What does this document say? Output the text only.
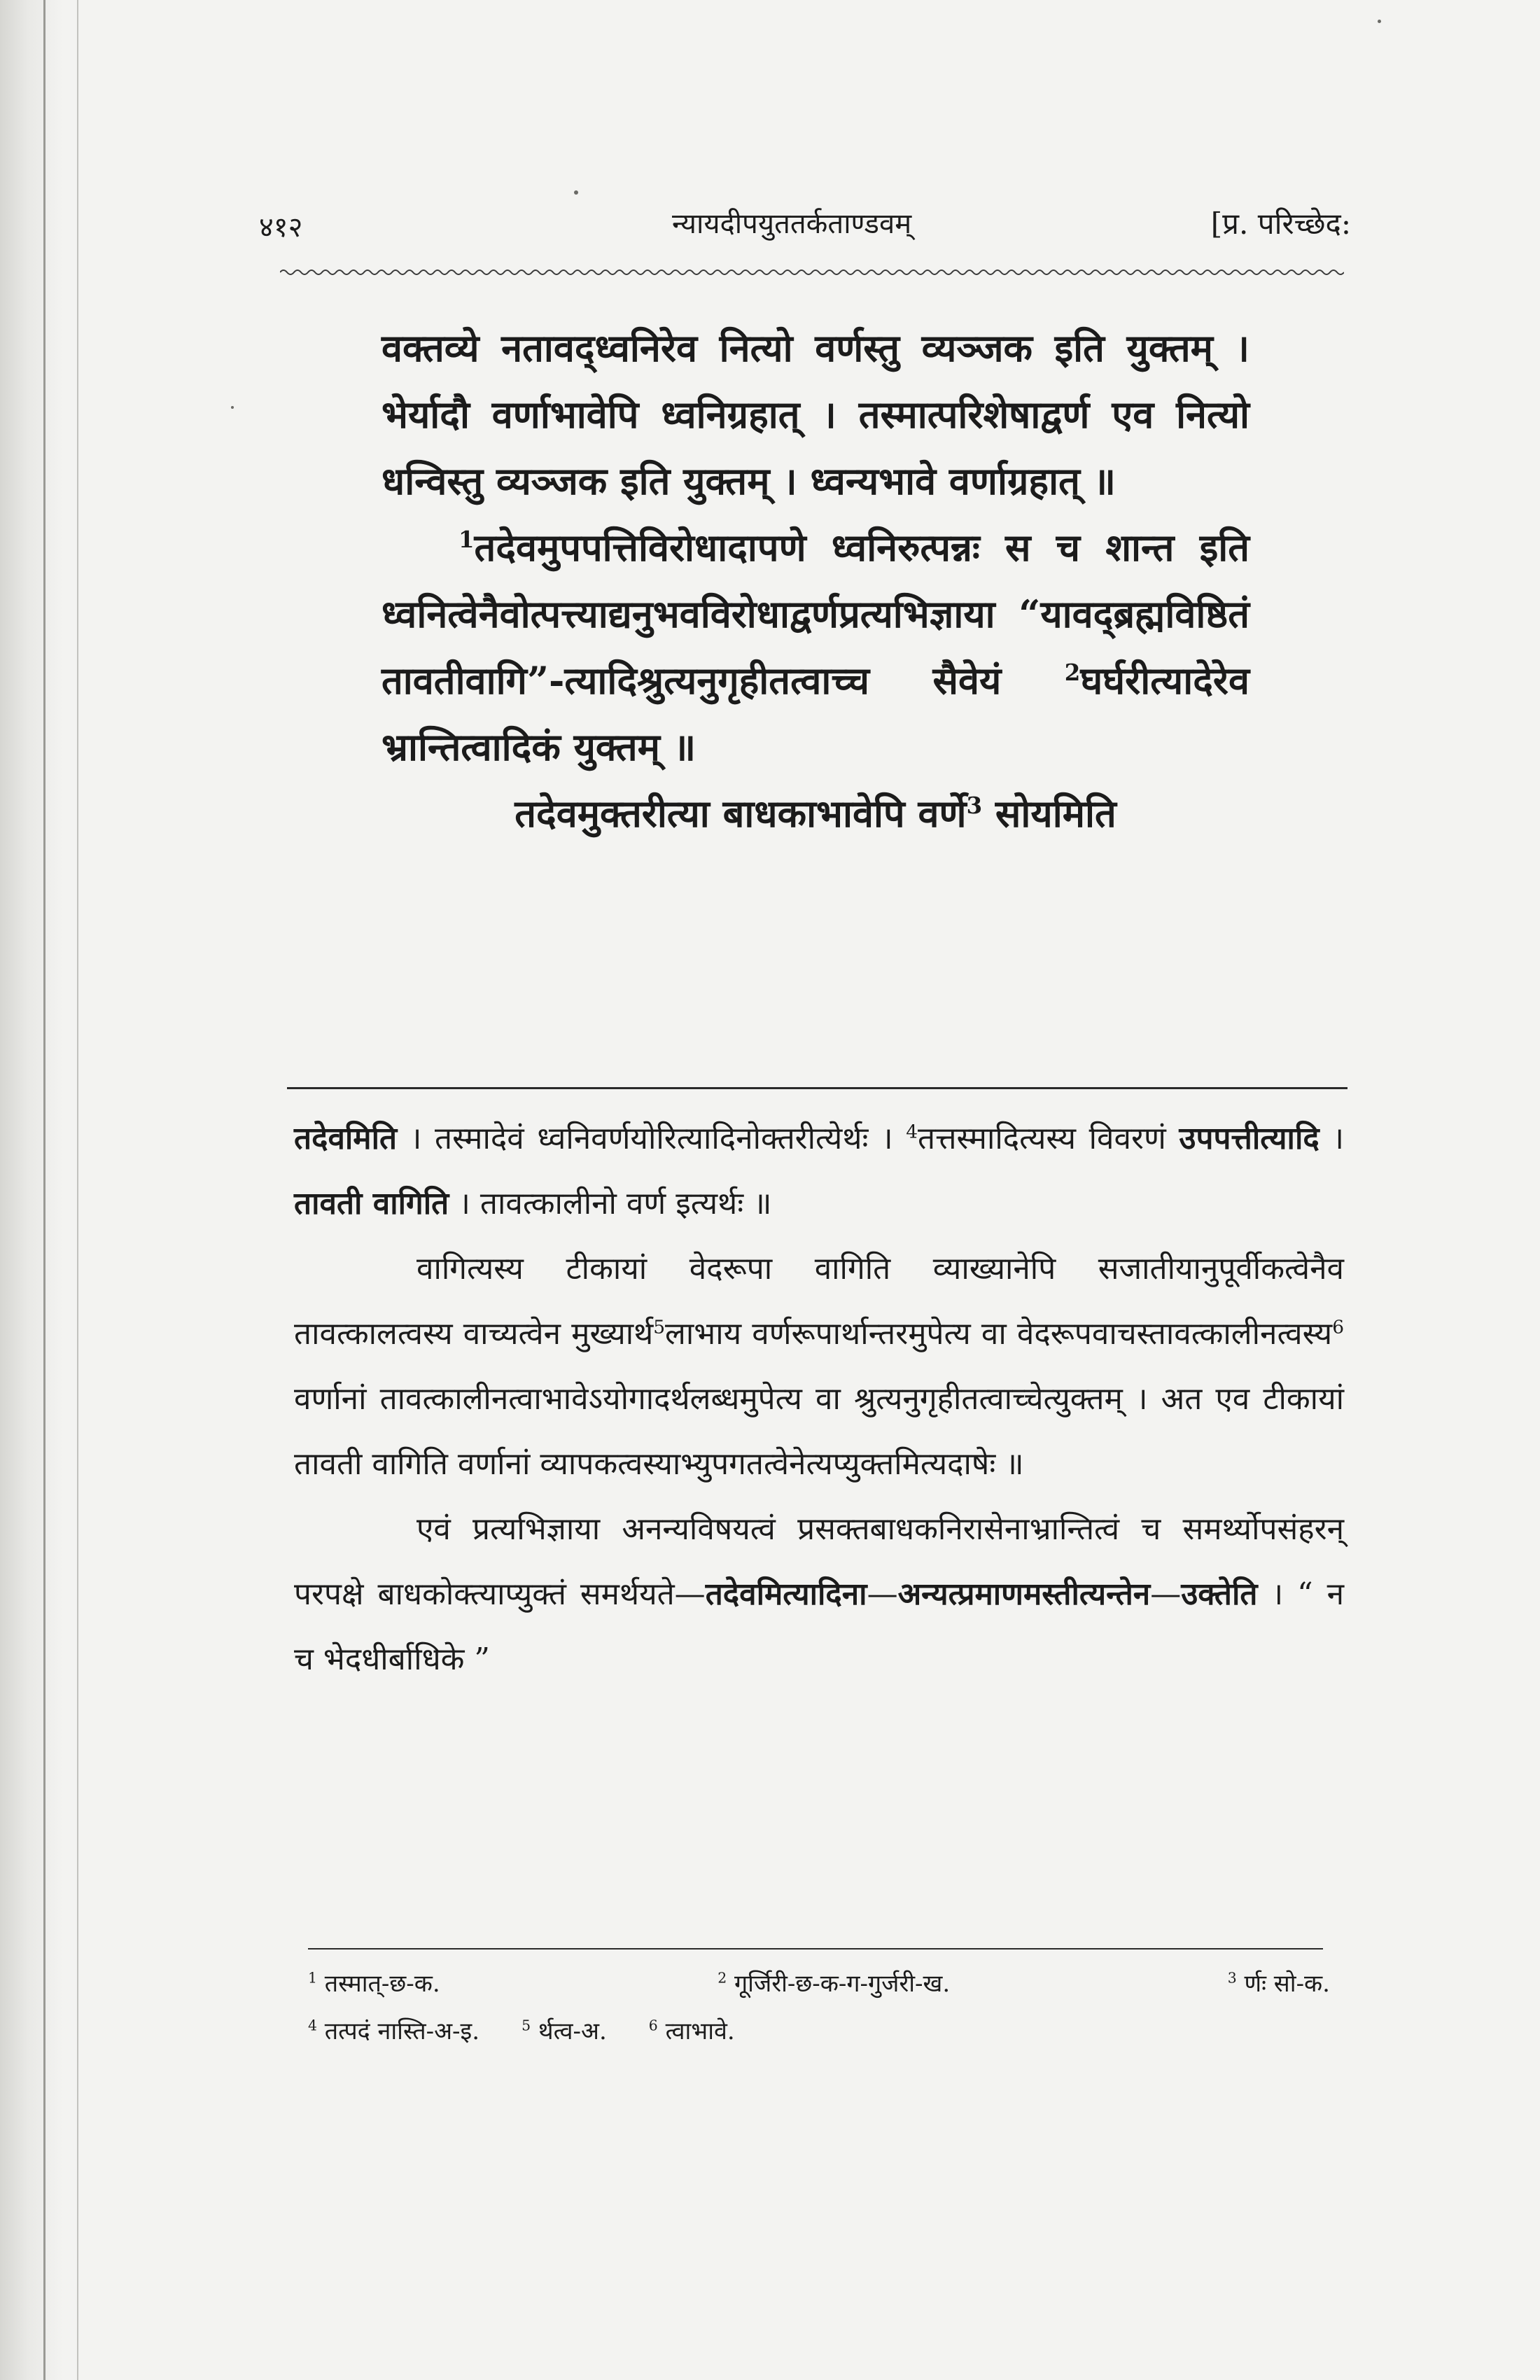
४१२	न्यायदीपयुततर्कताण्डवम्	[प्र. परिच्छेद:

वक्तव्ये नतावद्ध्वनिरेव नित्यो वर्णस्तु व्यञ्जक इति युक्तम् । भेर्यादौ वर्णाभावेपि ध्वनिग्रहात् । तस्मात्परिशेषाद्वर्ण एव नित्यो धन्विस्तु व्यञ्जक इति युक्तम् । ध्वन्यभावे वर्णाग्रहात् ॥

$^1$तदेवमुपपत्तिविरोधादापणे ध्वनिरुत्पन्नः स च शान्त इति ध्वनित्वेनैवोत्पत्त्याद्यनुभवविरोधाद्वर्णप्रत्यभिज्ञाया “यावद्ब्रह्मविष्ठितं तावतीवागि”-त्यादिश्रुत्यनुगृहीतत्वाच्च सैवेयं $^2$घर्घरीत्यादेरेव भ्रान्तित्वादिकं युक्तम् ॥

तदेवमुक्तरीत्या बाधकाभावेपि वर्णे$^3$ सोयमिति

तदेवमिति । तस्मादेवं ध्वनिवर्णयोरित्यादिनोक्तरीत्येर्थः । $^4$तत्तस्मादित्यस्य विवरणं उपपत्तीत्यादि । तावती वागिति । तावत्कालीनो वर्ण इत्यर्थः ॥

वागित्यस्य टीकायां वेदरूपा वागिति व्याख्यानेपि सजातीयानुपूर्वीकत्वेनैव तावत्कालत्वस्य वाच्यत्वेन मुख्यार्थ$^5$लाभाय वर्णरूपार्थान्तरमुपेत्य वा वेदरूपवाचस्तावत्कालीनत्वस्य$^6$ वर्णानां तावत्कालीनत्वाभावेऽयोगादर्थलब्धमुपेत्य वा श्रुत्यनुगृहीतत्वाच्चेत्युक्तम् । अत एव टीकायां तावती वागिति वर्णानां व्यापकत्वस्याभ्युपगतत्वेनेत्यप्युक्तमित्यदाषेः ॥

एवं प्रत्यभिज्ञाया अनन्यविषयत्वं प्रसक्तबाधकनिरासेनाभ्रान्तित्वं च समर्थ्योपसंहरन् परपक्षे बाधकोक्त्याप्युक्तं समर्थयते—तदेवमित्यादिना—अन्यत्प्रमाणमस्तीत्यन्तेन—उक्तेति । “ न च भेदधीर्बाधिके ”

$^1$ तस्मात्-छ-क.	$^2$ गूर्जिरी-छ-क-ग-गुर्जरी-ख.	$^3$ र्णः सो-क.
$^4$ तत्पदं नास्ति-अ-इ.	$^5$ र्थत्व-अ.	$^6$ त्वाभावे.
